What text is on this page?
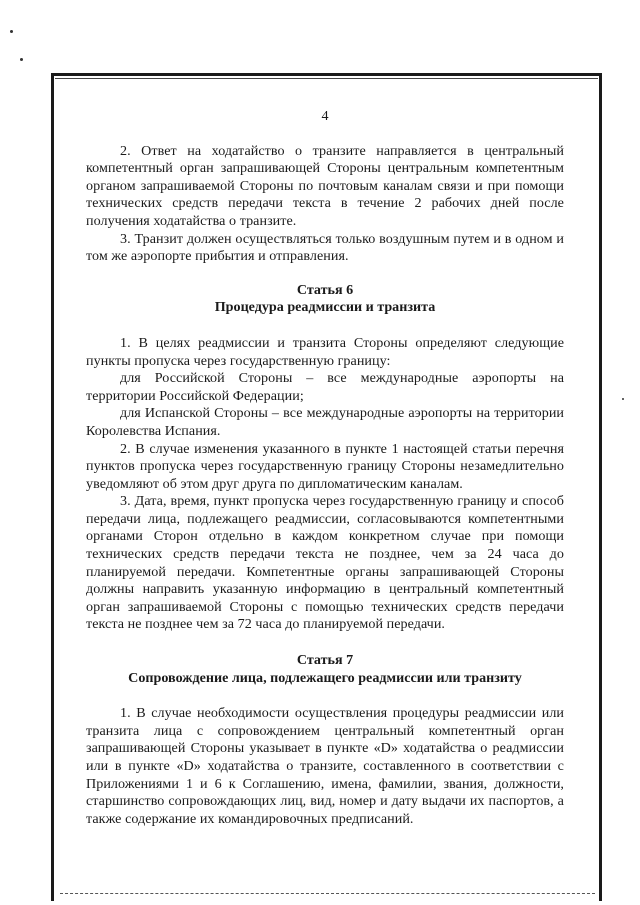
4

2. Ответ на ходатайство о транзите направляется в центральный компетентный орган запрашивающей Стороны центральным компетентным органом запрашиваемой Стороны по почтовым каналам связи и при помощи технических средств передачи текста в течение 2 рабочих дней после получения ходатайства о транзите.

3. Транзит должен осуществляться только воздушным путем и в одном и том же аэропорте прибытия и отправления.

Статья 6
Процедура реадмиссии и транзита

1. В целях реадмиссии и транзита Стороны определяют следующие пункты пропуска через государственную границу:

для Российской Стороны – все международные аэропорты на территории Российской Федерации;

для Испанской Стороны – все международные аэропорты на территории Королевства Испания.

2. В случае изменения указанного в пункте 1 настоящей статьи перечня пунктов пропуска через государственную границу Стороны незамедлительно уведомляют об этом друг друга по дипломатическим каналам.

3. Дата, время, пункт пропуска через государственную границу и способ передачи лица, подлежащего реадмиссии, согласовываются компетентными органами Сторон отдельно в каждом конкретном случае при помощи технических средств передачи текста не позднее, чем за 24 часа до планируемой передачи. Компетентные органы запрашивающей Стороны должны направить указанную информацию в центральный компетентный орган запрашиваемой Стороны с помощью технических средств передачи текста не позднее чем за 72 часа до планируемой передачи.

Статья 7
Сопровождение лица, подлежащего реадмиссии или транзиту

1. В случае необходимости осуществления процедуры реадмиссии или транзита лица с сопровождением центральный компетентный орган запрашивающей Стороны указывает в пункте «D» ходатайства о реадмиссии или в пункте «D» ходатайства о транзите, составленного в соответствии с Приложениями 1 и 6 к Соглашению, имена, фамилии, звания, должности, старшинство сопровождающих лиц, вид, номер и дату выдачи их паспортов, а также содержание их командировочных предписаний.
